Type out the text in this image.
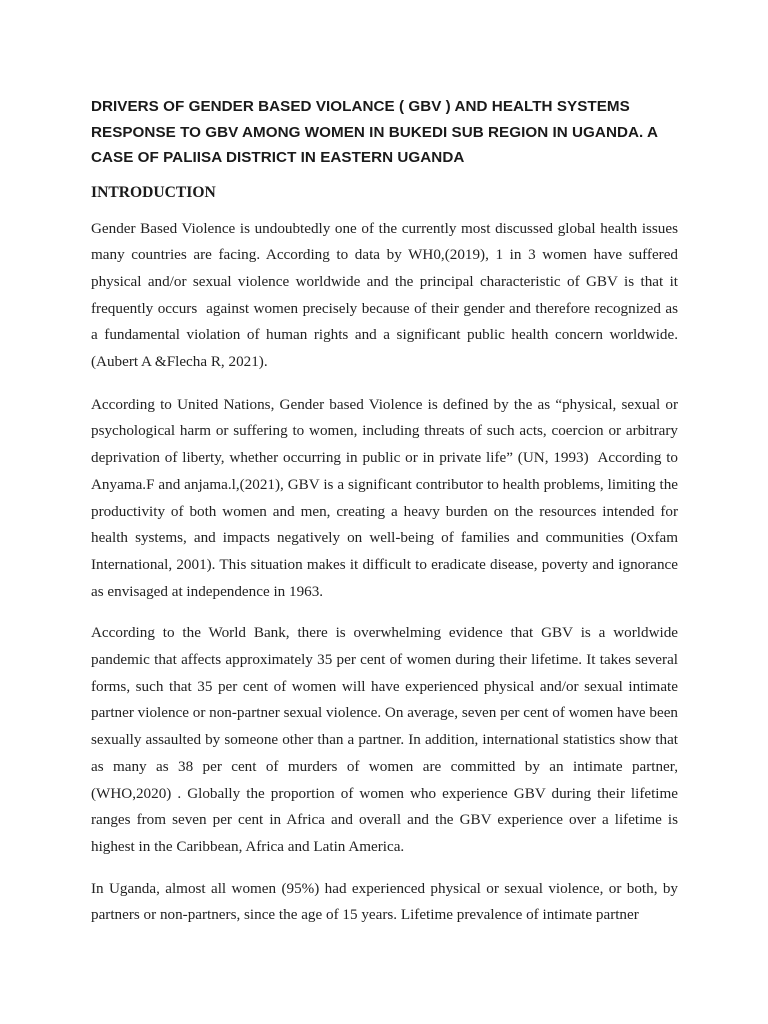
DRIVERS OF GENDER BASED VIOLANCE ( GBV ) AND HEALTH SYSTEMS RESPONSE TO GBV AMONG WOMEN IN BUKEDI SUB REGION IN UGANDA. A CASE OF PALIISA DISTRICT IN EASTERN UGANDA
INTRODUCTION

Gender Based Violence is undoubtedly one of the currently most discussed global health issues many countries are facing. According to data by WH0,(2019), 1 in 3 women have suffered physical and/or sexual violence worldwide and the principal characteristic of GBV is that it frequently occurs  against women precisely because of their gender and therefore recognized as a fundamental violation of human rights and a significant public health concern worldwide. (Aubert A &Flecha R, 2021).

According to United Nations, Gender based Violence is defined by the as “physical, sexual or psychological harm or suffering to women, including threats of such acts, coercion or arbitrary deprivation of liberty, whether occurring in public or in private life” (UN, 1993)  According to Anyama.F and anjama.l,(2021), GBV is a significant contributor to health problems, limiting the productivity of both women and men, creating a heavy burden on the resources intended for health systems, and impacts negatively on well-being of families and communities (Oxfam International, 2001). This situation makes it difficult to eradicate disease, poverty and ignorance as envisaged at independence in 1963.

According to the World Bank, there is overwhelming evidence that GBV is a worldwide pandemic that affects approximately 35 per cent of women during their lifetime. It takes several forms, such that 35 per cent of women will have experienced physical and/or sexual intimate partner violence or non-partner sexual violence. On average, seven per cent of women have been sexually assaulted by someone other than a partner. In addition, international statistics show that as many as 38 per cent of murders of women are committed by an intimate partner, (WHO,2020) . Globally the proportion of women who experience GBV during their lifetime ranges from seven per cent in Africa and overall and the GBV experience over a lifetime is highest in the Caribbean, Africa and Latin America.

In Uganda, almost all women (95%) had experienced physical or sexual violence, or both, by partners or non-partners, since the age of 15 years. Lifetime prevalence of intimate partner
